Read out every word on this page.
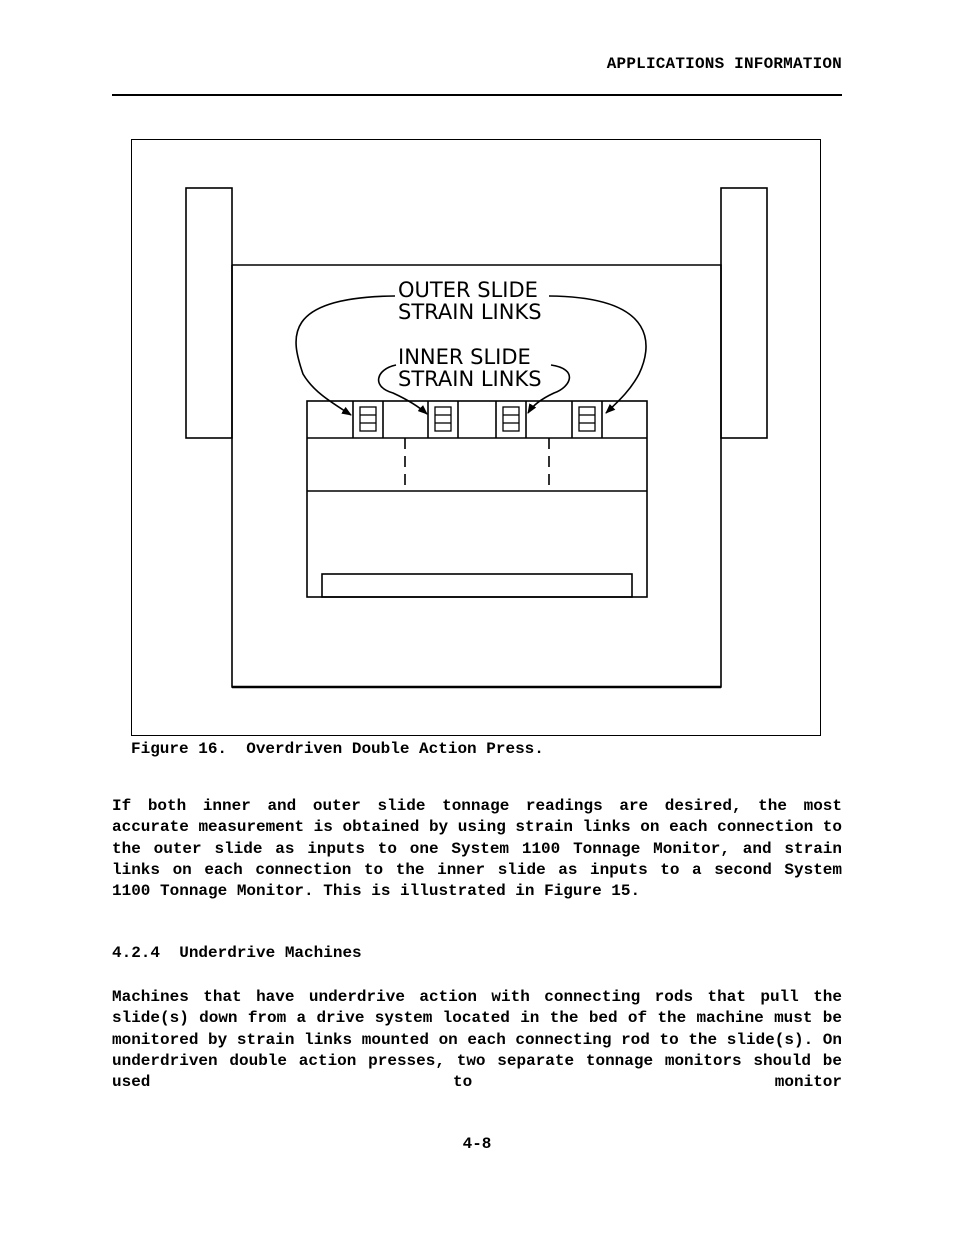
APPLICATIONS INFORMATION
OUTER SLIDE
STRAIN LINKS
INNER SLIDE
STRAIN LINKS
Figure 16.  Overdriven Double Action Press.
If both inner and outer slide tonnage readings are desired, the most accurate measurement is obtained by using strain links on each connection to the outer slide as inputs to one System 1100 Tonnage Monitor, and strain links on each connection to the inner slide as inputs to a second System 1100 Tonnage Monitor. This is illustrated in Figure 15.
4.2.4  Underdrive Machines
Machines that have underdrive action with connecting rods that pull the slide(s) down from a drive system located in the bed of the machine must be monitored by strain links mounted on each connecting rod to the slide(s). On underdriven double action presses, two separate tonnage monitors should be used to monitor
4-8
